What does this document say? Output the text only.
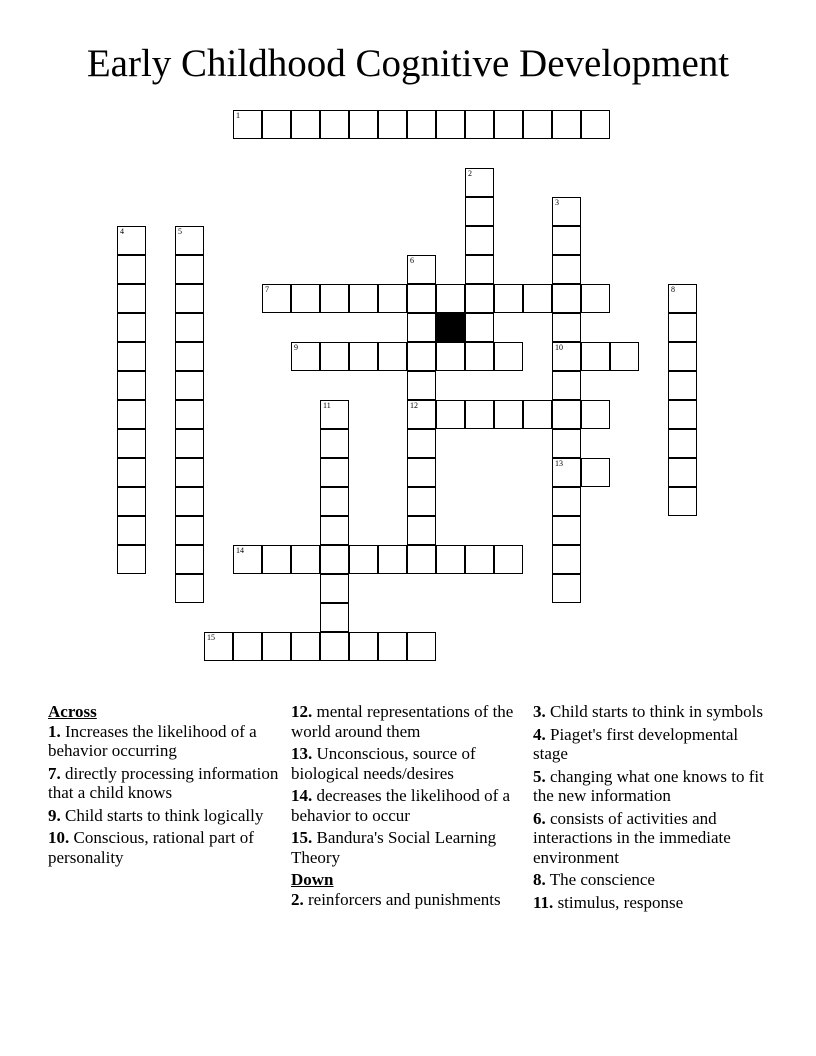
Early Childhood Cognitive Development
1
7
9	10
12
13
14
15
2
3
4	5
6
8
11

Across

1. Increases the likelihood of a behavior occurring

7. directly processing information that a child knows

9. Child starts to think logically

10. Conscious, rational part of personality

12. mental representations of the world around them

13. Unconscious, source of biological needs/desires

14. decreases the likelihood of a behavior to occur

15. Bandura's Social Learning Theory

Down

2. reinforcers and punishments

3. Child starts to think in symbols

4. Piaget's first developmental stage

5. changing what one knows to fit the new information

6. consists of activities and interactions in the immediate environment

8. The conscience

11. stimulus, response
